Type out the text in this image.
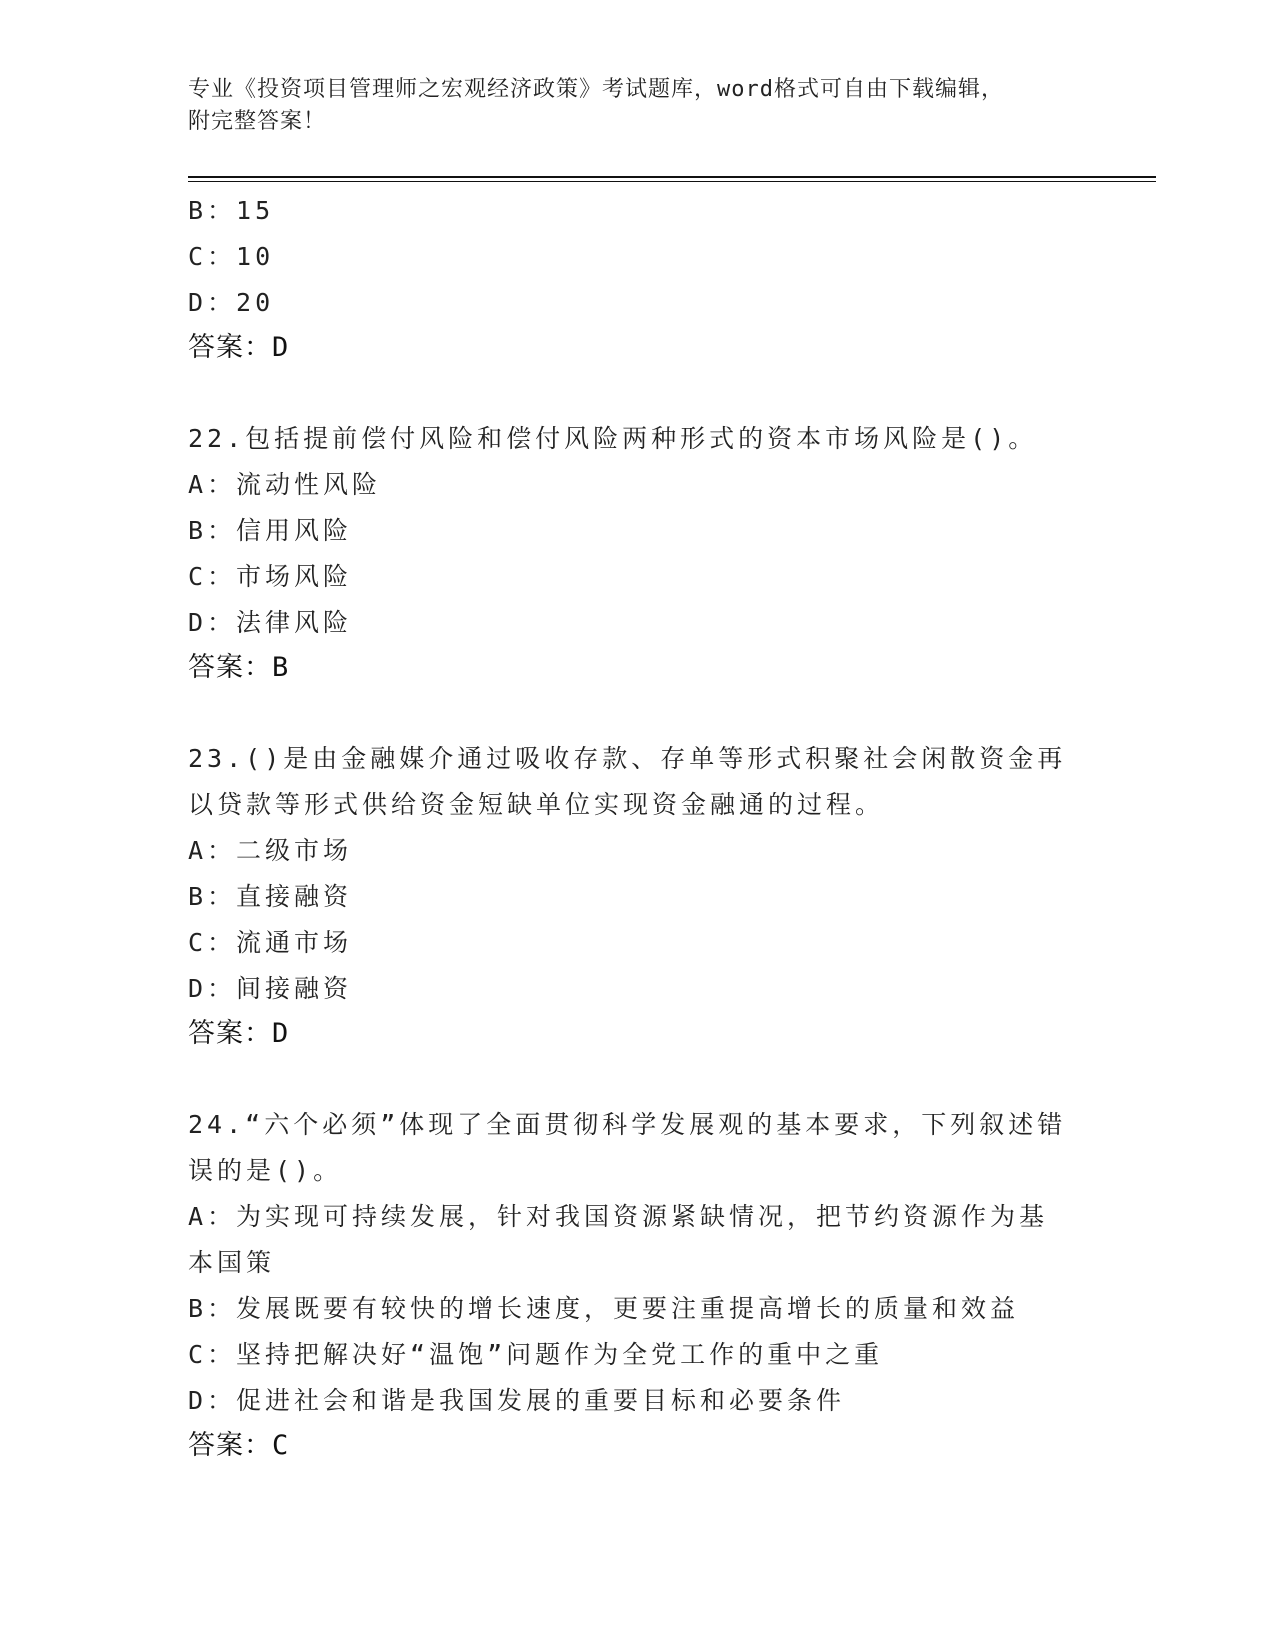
专业《投资项目管理师之宏观经济政策》考试题库，word格式可自由下载编辑，
附完整答案！
B：15
C：10
D：20
答案：D
22.包括提前偿付风险和偿付风险两种形式的资本市场风险是()。
A：流动性风险
B：信用风险
C：市场风险
D：法律风险
答案：B
23.()是由金融媒介通过吸收存款、存单等形式积聚社会闲散资金再以贷款等形式供给资金短缺单位实现资金融通的过程。
A：二级市场
B：直接融资
C：流通市场
D：间接融资
答案：D
24.“六个必须”体现了全面贯彻科学发展观的基本要求，下列叙述错误的是()。
A：为实现可持续发展，针对我国资源紧缺情况，把节约资源作为基本国策
B：发展既要有较快的增长速度，更要注重提高增长的质量和效益
C：坚持把解决好“温饱”问题作为全党工作的重中之重
D：促进社会和谐是我国发展的重要目标和必要条件
答案：C
